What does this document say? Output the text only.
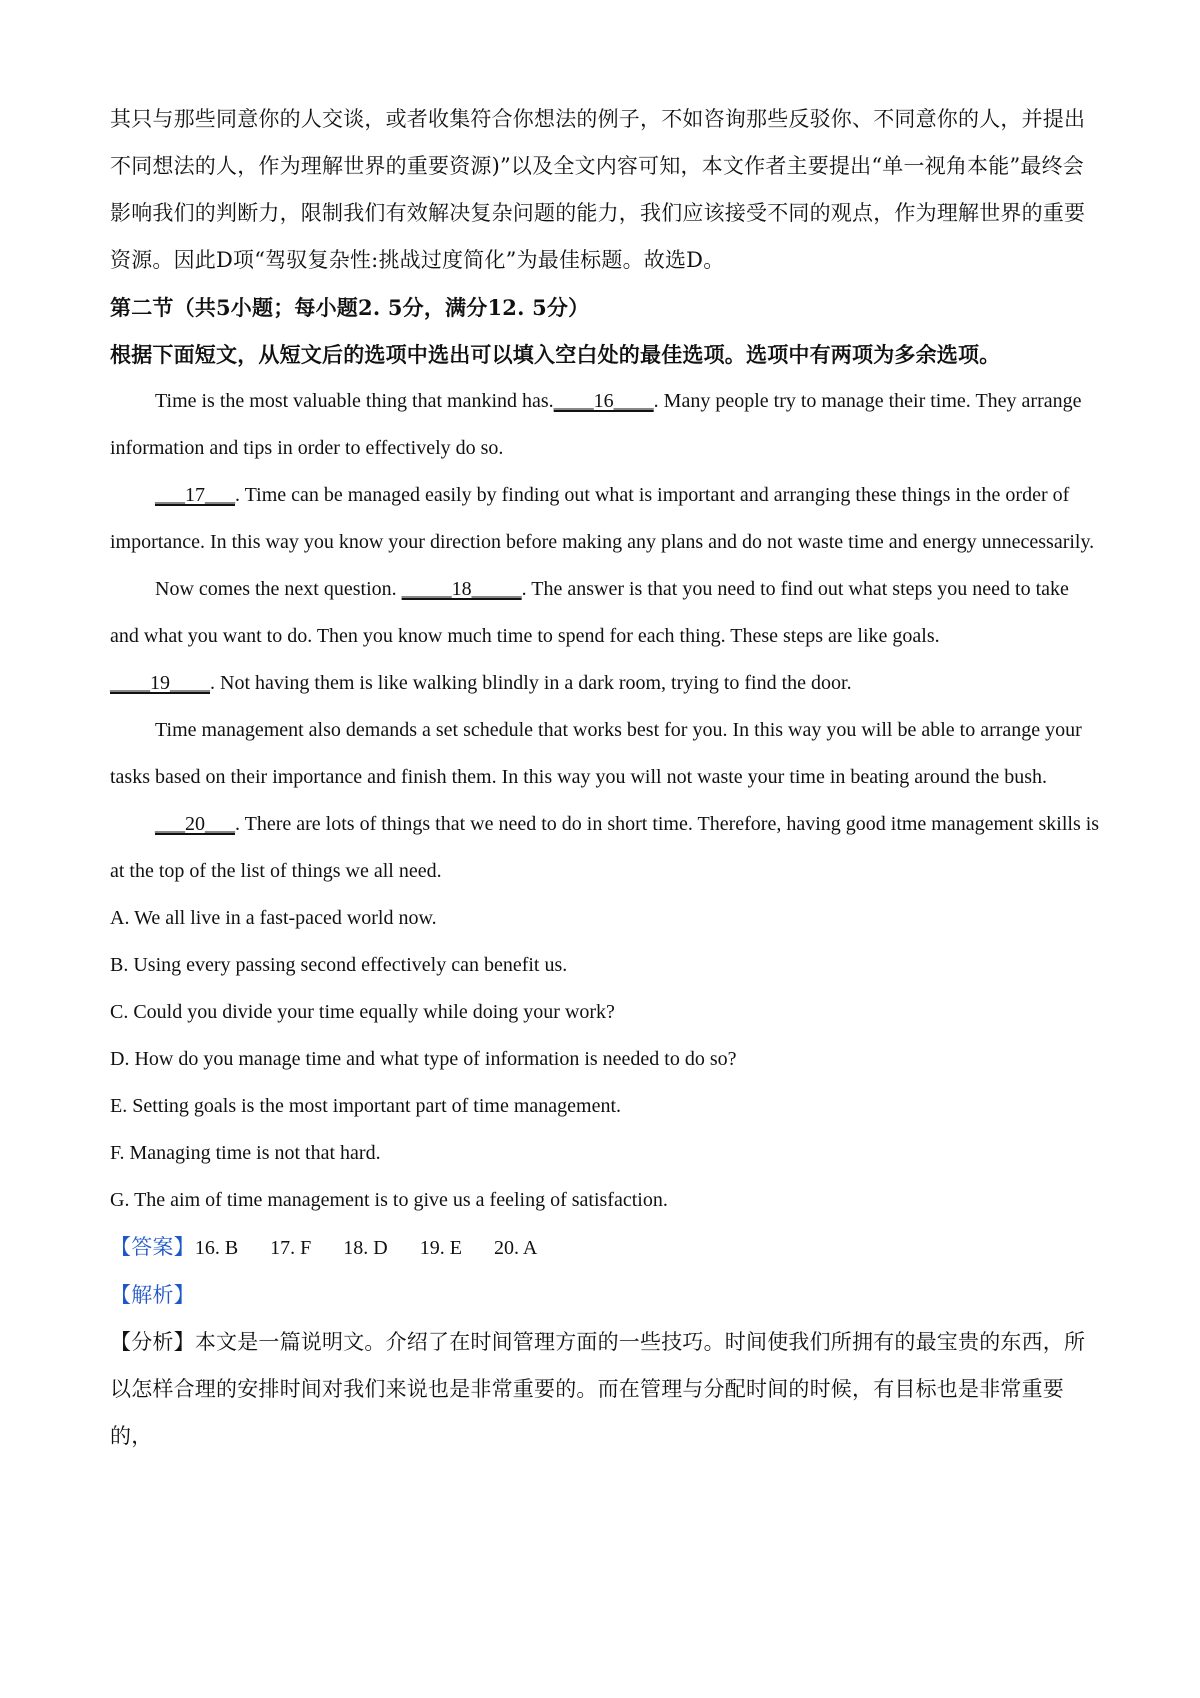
其只与那些同意你的人交谈，或者收集符合你想法的例子，不如咨询那些反驳你、不同意你的人，并提出不同想法的人，作为理解世界的重要资源)”以及全文内容可知，本文作者主要提出“单一视角本能”最终会影响我们的判断力，限制我们有效解决复杂问题的能力，我们应该接受不同的观点，作为理解世界的重要资源。因此D项“驾驭复杂性:挑战过度简化”为最佳标题。故选D。

第二节（共5小题；每小题2. 5分，满分12. 5分）

根据下面短文，从短文后的选项中选出可以填入空白处的最佳选项。选项中有两项为多余选项。

Time is the most valuable thing that mankind has.____16____. Many people try to manage their time. They arrange information and tips in order to effectively do so.

___17___. Time can be managed easily by finding out what is important and arranging these things in the order of importance. In this way you know your direction before making any plans and do not waste time and energy unnecessarily.

Now comes the next question. _____18_____. The answer is that you need to find out what steps you need to take and what you want to do. Then you know much time to spend for each thing. These steps are like goals.
____19____. Not having them is like walking blindly in a dark room, trying to find the door.

Time management also demands a set schedule that works best for you. In this way you will be able to arrange your tasks based on their importance and finish them. In this way you will not waste your time in beating around the bush.

___20___. There are lots of things that we need to do in short time. Therefore, having good itme management skills is at the top of the list of things we all need.

A. We all live in a fast-paced world now.

B. Using every passing second effectively can benefit us.

C. Could you divide your time equally while doing your work?

D. How do you manage time and what type of information is needed to do so?

E. Setting goals is the most important part of time management.

F. Managing time is not that hard.

G. The aim of time management is to give us a feeling of satisfaction.

【答案】16. B 17. F 18. D 19. E 20. A

【解析】

【分析】本文是一篇说明文。介绍了在时间管理方面的一些技巧。时间使我们所拥有的最宝贵的东西，所以怎样合理的安排时间对我们来说也是非常重要的。而在管理与分配时间的时候，有目标也是非常重要的，
